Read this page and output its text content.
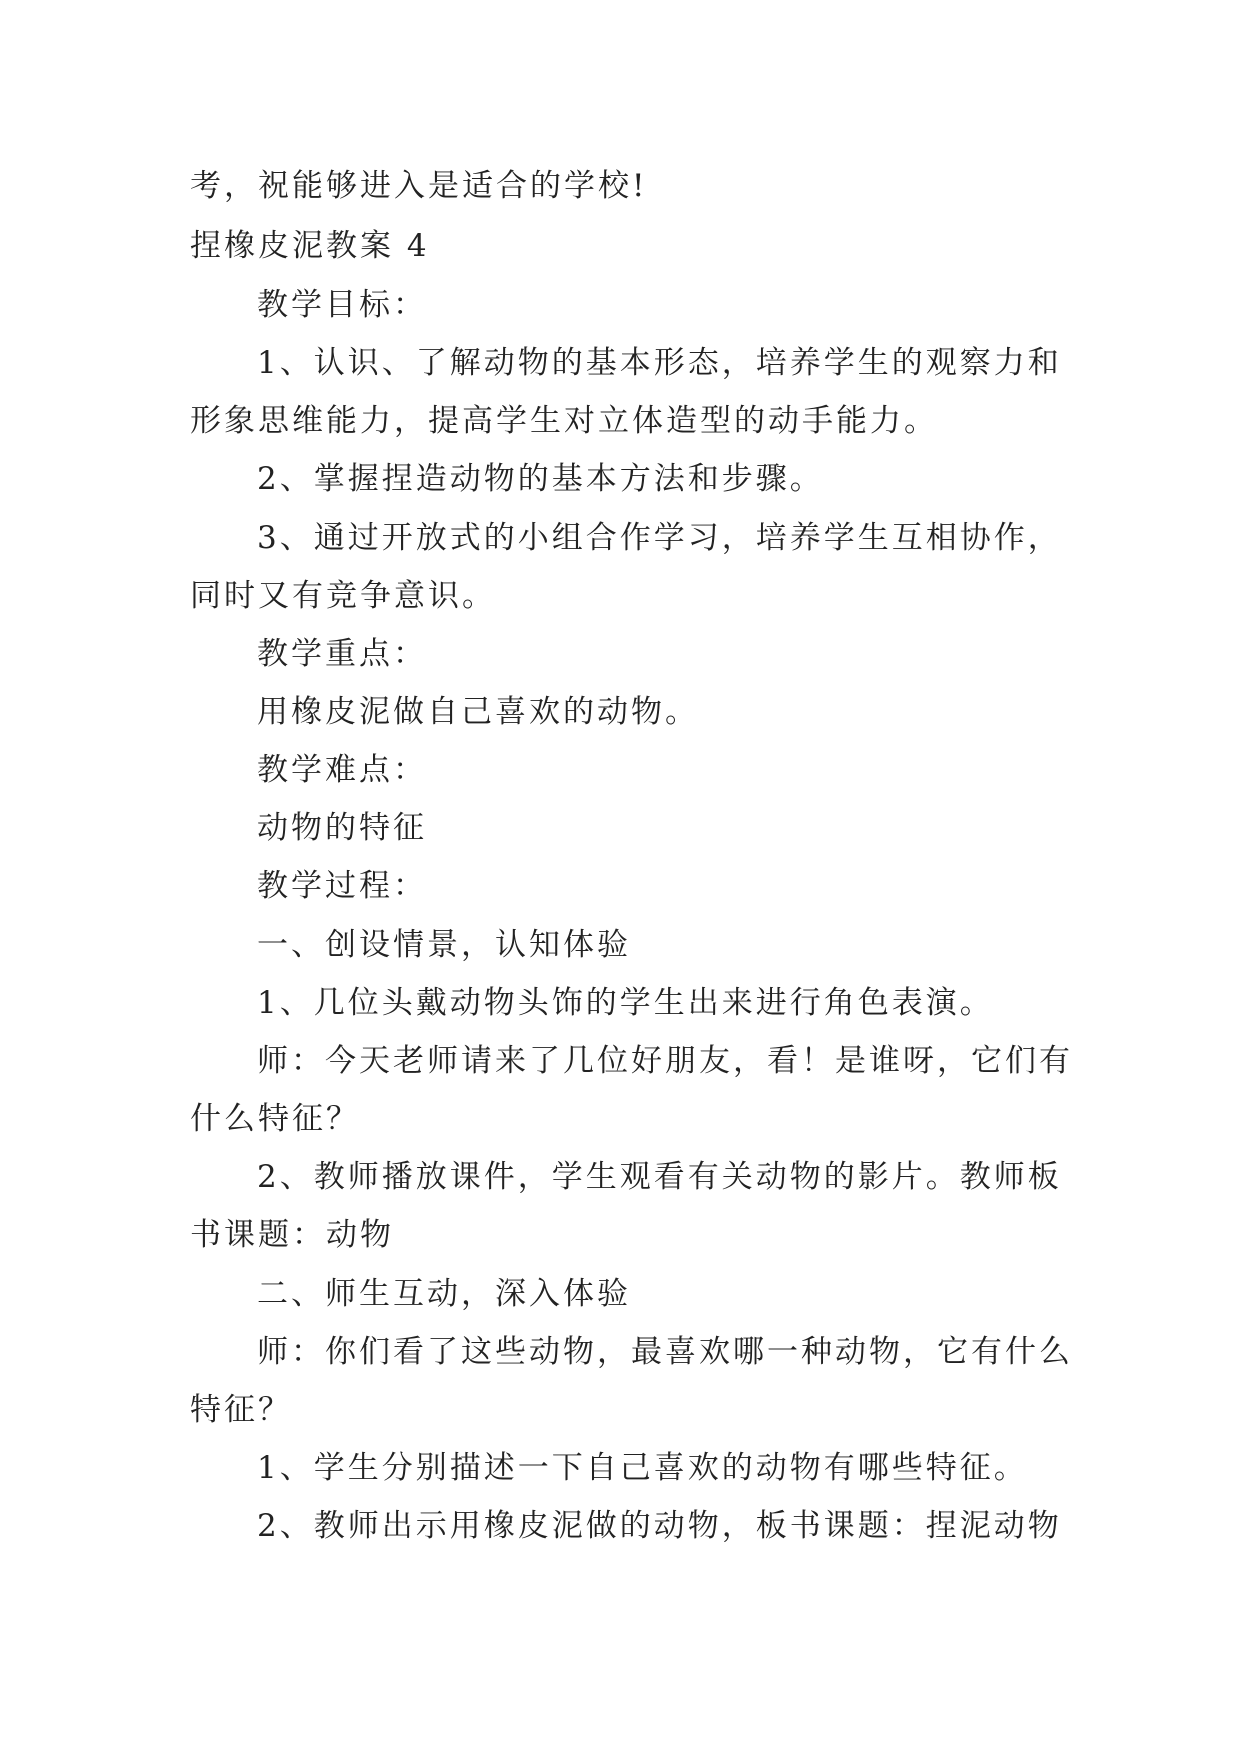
考，祝能够进入是适合的学校!

捏橡皮泥教案 4

教学目标：

1、认识、了解动物的基本形态，培养学生的观察力和

形象思维能力，提高学生对立体造型的动手能力。

2、掌握捏造动物的基本方法和步骤。

3、通过开放式的小组合作学习，培养学生互相协作，

同时又有竞争意识。

教学重点：

用橡皮泥做自己喜欢的动物。

教学难点：

动物的特征

教学过程：

一、创设情景，认知体验

1、几位头戴动物头饰的学生出来进行角色表演。

师：今天老师请来了几位好朋友，看！是谁呀，它们有

什么特征？

2、教师播放课件，学生观看有关动物的影片。教师板

书课题：动物

二、师生互动，深入体验

师：你们看了这些动物，最喜欢哪一种动物，它有什么

特征？

1、学生分别描述一下自己喜欢的动物有哪些特征。

2、教师出示用橡皮泥做的动物，板书课题：捏泥动物
